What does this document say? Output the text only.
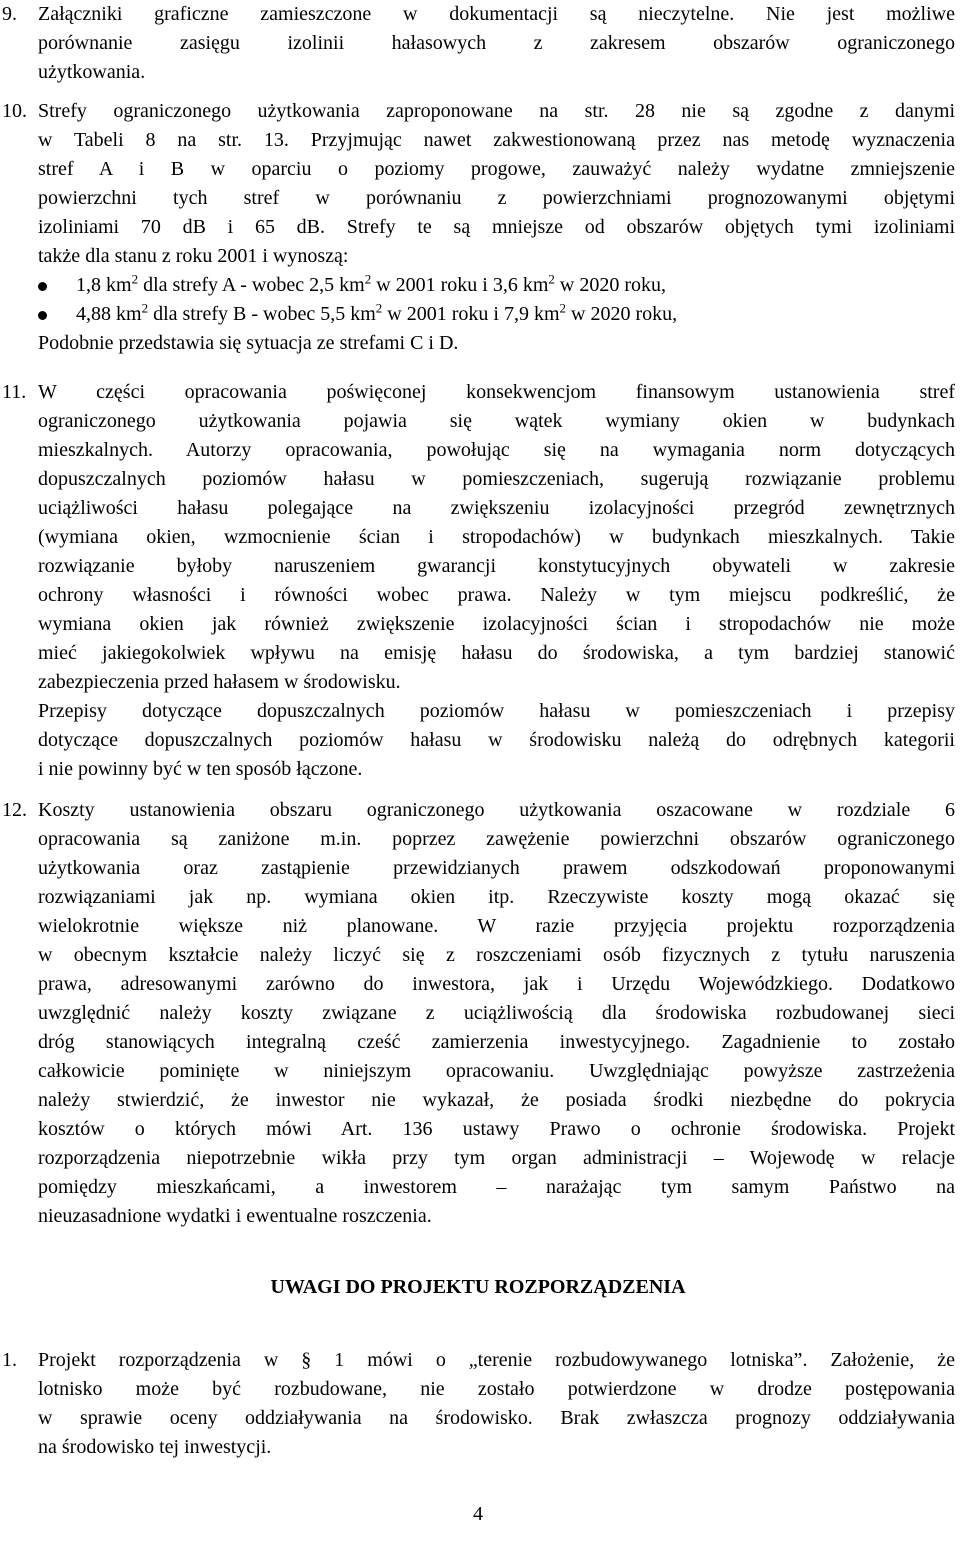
9. Załączniki graficzne zamieszczone w dokumentacji są nieczytelne. Nie jest możliwe
porównanie zasięgu izolinii hałasowych z zakresem obszarów ograniczonego
użytkowania.
10. Strefy ograniczonego użytkowania zaproponowane na str. 28 nie są zgodne z danymi
w Tabeli 8 na str. 13. Przyjmując nawet zakwestionowaną przez nas metodę wyznaczenia
stref A i B w oparciu o poziomy progowe, zauważyć należy wydatne zmniejszenie
powierzchni tych stref w porównaniu z powierzchniami prognozowanymi objętymi
izoliniami 70 dB i 65 dB. Strefy te są mniejsze od obszarów objętych tymi izoliniami
także dla stanu z roku 2001 i wynoszą:
1,8 $km^2$ dla strefy A - wobec 2,5 $km^2$ w 2001 roku i 3,6 $km^2$ w 2020 roku,
4,88 $km^2$ dla strefy B - wobec 5,5 $km^2$ w 2001 roku i 7,9 $km^2$ w 2020 roku,
Podobnie przedstawia się sytuacja ze strefami C i D.
11. W części opracowania poświęconej konsekwencjom finansowym ustanowienia stref
ograniczonego użytkowania pojawia się wątek wymiany okien w budynkach
mieszkalnych. Autorzy opracowania, powołując się na wymagania norm dotyczących
dopuszczalnych poziomów hałasu w pomieszczeniach, sugerują rozwiązanie problemu
uciążliwości hałasu polegające na zwiększeniu izolacyjności przegród zewnętrznych
(wymiana okien, wzmocnienie ścian i stropodachów) w budynkach mieszkalnych. Takie
rozwiązanie byłoby naruszeniem gwarancji konstytucyjnych obywateli w zakresie
ochrony własności i równości wobec prawa. Należy w tym miejscu podkreślić, że
wymiana okien jak również zwiększenie izolacyjności ścian i stropodachów nie może
mieć jakiegokolwiek wpływu na emisję hałasu do środowiska, a tym bardziej stanowić
zabezpieczenia przed hałasem w środowisku.
Przepisy dotyczące dopuszczalnych poziomów hałasu w pomieszczeniach i przepisy
dotyczące dopuszczalnych poziomów hałasu w środowisku należą do odrębnych kategorii
i nie powinny być w ten sposób łączone.
12. Koszty ustanowienia obszaru ograniczonego użytkowania oszacowane w rozdziale 6
opracowania są zaniżone m.in. poprzez zawężenie powierzchni obszarów ograniczonego
użytkowania oraz zastąpienie przewidzianych prawem odszkodowań proponowanymi
rozwiązaniami jak np. wymiana okien itp. Rzeczywiste koszty mogą okazać się
wielokrotnie większe niż planowane. W razie przyjęcia projektu rozporządzenia
w obecnym kształcie należy liczyć się z roszczeniami osób fizycznych z tytułu naruszenia
prawa, adresowanymi zarówno do inwestora, jak i Urzędu Wojewódzkiego. Dodatkowo
uwzględnić należy koszty związane z uciążliwością dla środowiska rozbudowanej sieci
dróg stanowiących integralną cześć zamierzenia inwestycyjnego. Zagadnienie to zostało
całkowicie pominięte w niniejszym opracowaniu. Uwzględniając powyższe zastrzeżenia
należy stwierdzić, że inwestor nie wykazał, że posiada środki niezbędne do pokrycia
kosztów o których mówi Art. 136 ustawy Prawo o ochronie środowiska. Projekt
rozporządzenia niepotrzebnie wikła przy tym organ administracji – Wojewodę w relacje
pomiędzy mieszkańcami, a inwestorem – narażając tym samym Państwo na
nieuzasadnione wydatki i ewentualne roszczenia.
UWAGI DO PROJEKTU ROZPORZĄDZENIA
1. Projekt rozporządzenia w § 1 mówi o „terenie rozbudowywanego lotniska”. Założenie, że
lotnisko może być rozbudowane, nie zostało potwierdzone w drodze postępowania
w sprawie oceny oddziaływania na środowisko. Brak zwłaszcza prognozy oddziaływania
na środowisko tej inwestycji.
4
